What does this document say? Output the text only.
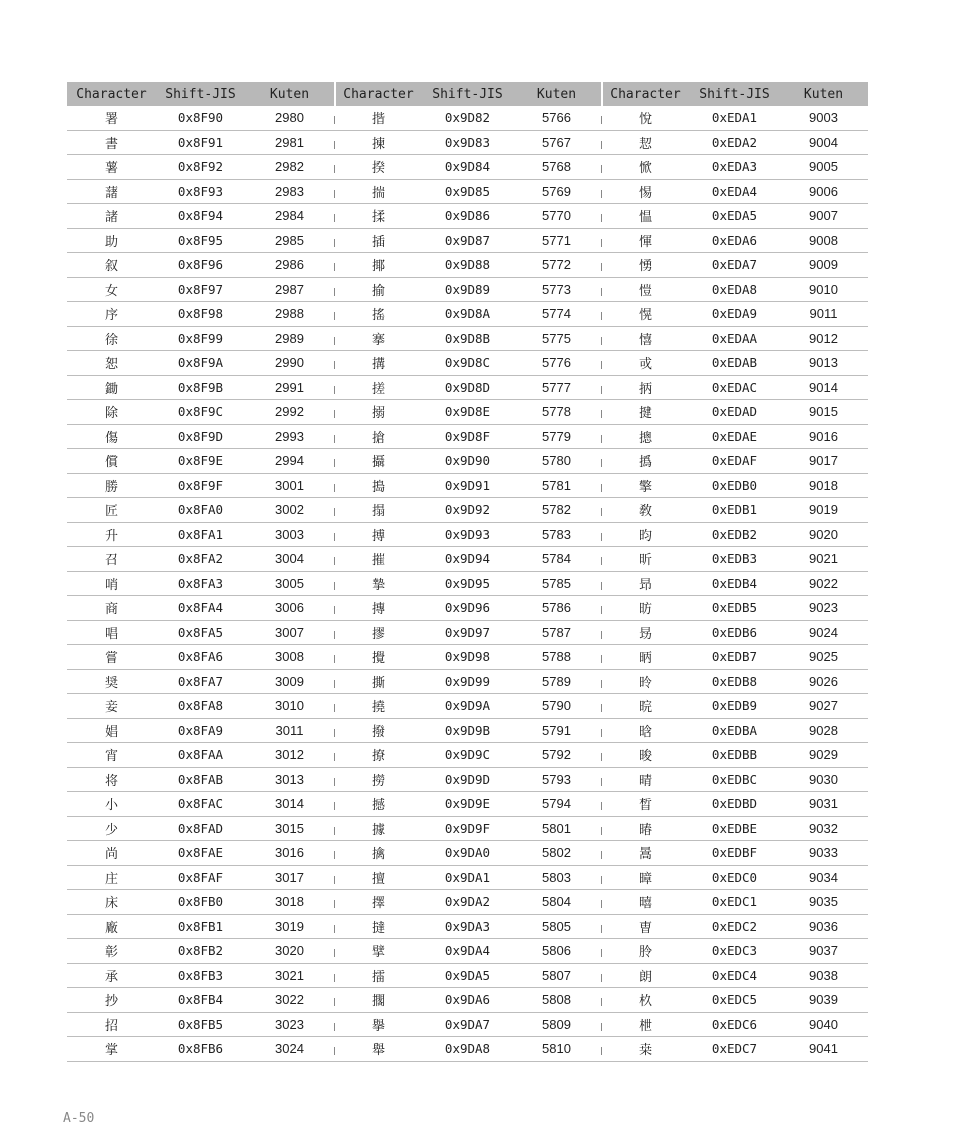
Character	Shift-JIS	Kuten	Character	Shift-JIS	Kuten	Character	Shift-JIS	Kuten
署	0x8F90	2980	揩	0x9D82	5766	悅	0xEDA1	9003
書	0x8F91	2981	揀	0x9D83	5767	恝	0xEDA2	9004
薯	0x8F92	2982	揆	0x9D84	5768	惞	0xEDA3	9005
藷	0x8F93	2983	揣	0x9D85	5769	惕	0xEDA4	9006
諸	0x8F94	2984	揉	0x9D86	5770	愠	0xEDA5	9007
助	0x8F95	2985	插	0x9D87	5771	惲	0xEDA6	9008
叙	0x8F96	2986	揶	0x9D88	5772	愑	0xEDA7	9009
女	0x8F97	2987	揄	0x9D89	5773	愷	0xEDA8	9010
序	0x8F98	2988	搖	0x9D8A	5774	愰	0xEDA9	9011
徐	0x8F99	2989	搴	0x9D8B	5775	憘	0xEDAA	9012
恕	0x8F9A	2990	搆	0x9D8C	5776	戓	0xEDAB	9013
鋤	0x8F9B	2991	搓	0x9D8D	5777	抦	0xEDAC	9014
除	0x8F9C	2992	搦	0x9D8E	5778	揵	0xEDAD	9015
傷	0x8F9D	2993	搶	0x9D8F	5779	摠	0xEDAE	9016
償	0x8F9E	2994	攝	0x9D90	5780	撝	0xEDAF	9017
勝	0x8F9F	3001	搗	0x9D91	5781	擎	0xEDB0	9018
匠	0x8FA0	3002	搨	0x9D92	5782	敎	0xEDB1	9019
升	0x8FA1	3003	搏	0x9D93	5783	昀	0xEDB2	9020
召	0x8FA2	3004	摧	0x9D94	5784	昕	0xEDB3	9021
哨	0x8FA3	3005	摯	0x9D95	5785	昻	0xEDB4	9022
商	0x8FA4	3006	摶	0x9D96	5786	昉	0xEDB5	9023
唱	0x8FA5	3007	摎	0x9D97	5787	昮	0xEDB6	9024
嘗	0x8FA6	3008	攪	0x9D98	5788	昞	0xEDB7	9025
奨	0x8FA7	3009	撕	0x9D99	5789	昤	0xEDB8	9026
妾	0x8FA8	3010	撓	0x9D9A	5790	晥	0xEDB9	9027
娼	0x8FA9	3011	撥	0x9D9B	5791	晗	0xEDBA	9028
宵	0x8FAA	3012	撩	0x9D9C	5792	晙	0xEDBB	9029
将	0x8FAB	3013	撈	0x9D9D	5793	晴	0xEDBC	9030
小	0x8FAC	3014	撼	0x9D9E	5794	晳	0xEDBD	9031
少	0x8FAD	3015	據	0x9D9F	5801	暙	0xEDBE	9032
尚	0x8FAE	3016	擒	0x9DA0	5802	暠	0xEDBF	9033
庄	0x8FAF	3017	擅	0x9DA1	5803	暲	0xEDC0	9034
床	0x8FB0	3018	擇	0x9DA2	5804	暿	0xEDC1	9035
廠	0x8FB1	3019	撻	0x9DA3	5805	曺	0xEDC2	9036
彰	0x8FB2	3020	擘	0x9DA4	5806	朎	0xEDC3	9037
承	0x8FB3	3021	擂	0x9DA5	5807	朗	0xEDC4	9038
抄	0x8FB4	3022	擱	0x9DA6	5808	杦	0xEDC5	9039
招	0x8FB5	3023	擧	0x9DA7	5809	枻	0xEDC6	9040
掌	0x8FB6	3024	舉	0x9DA8	5810	桒	0xEDC7	9041
A-50
